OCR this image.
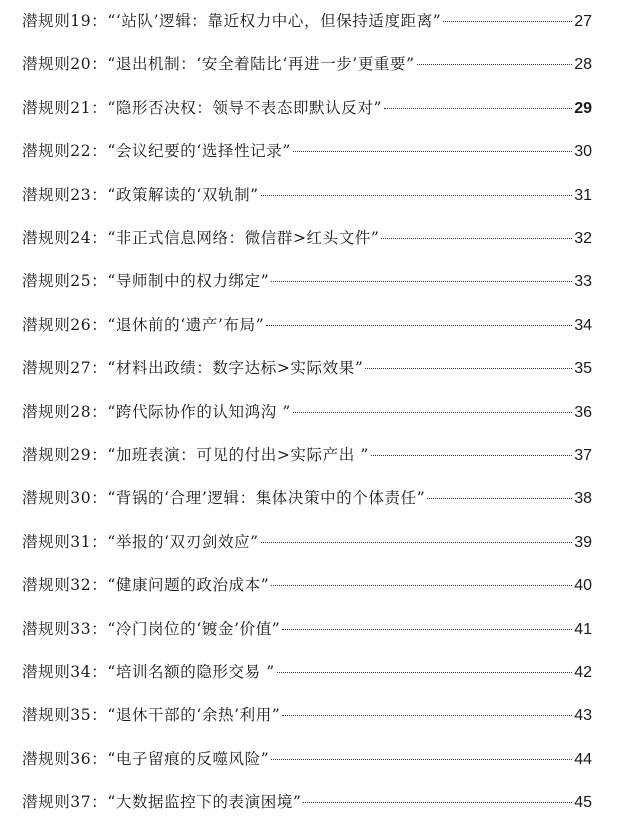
潜规则19：“‘站队’逻辑：靠近权力中心，但保持适度距离”	27
潜规则20：“退出机制：‘安全着陆比‘再进一步’更重要”	28
潜规则21：“隐形否决权：领导不表态即默认反对”	29
潜规则22：“会议纪要的‘选择性记录”	30
潜规则23：“政策解读的‘双轨制”	31
潜规则24：“非正式信息网络：微信群>红头文件”	32
潜规则25：“导师制中的权力绑定”	33
潜规则26：“退休前的‘遗产’布局”	34
潜规则27：“材料出政绩：数字达标>实际效果”	35
潜规则28：“跨代际协作的认知鸿沟 ”	36
潜规则29：“加班表演：可见的付出>实际产出 ”	37
潜规则30：“背锅的‘合理’逻辑：集体决策中的个体责任”	38
潜规则31：“举报的‘双刃剑效应”	39
潜规则32：“健康问题的政治成本”	40
潜规则33：“冷门岗位的‘镀金’价值”	41
潜规则34：“培训名额的隐形交易 ”	42
潜规则35：“退休干部的‘余热’利用”	43
潜规则36：“电子留痕的反噬风险”	44
潜规则37：“大数据监控下的表演困境”	45
